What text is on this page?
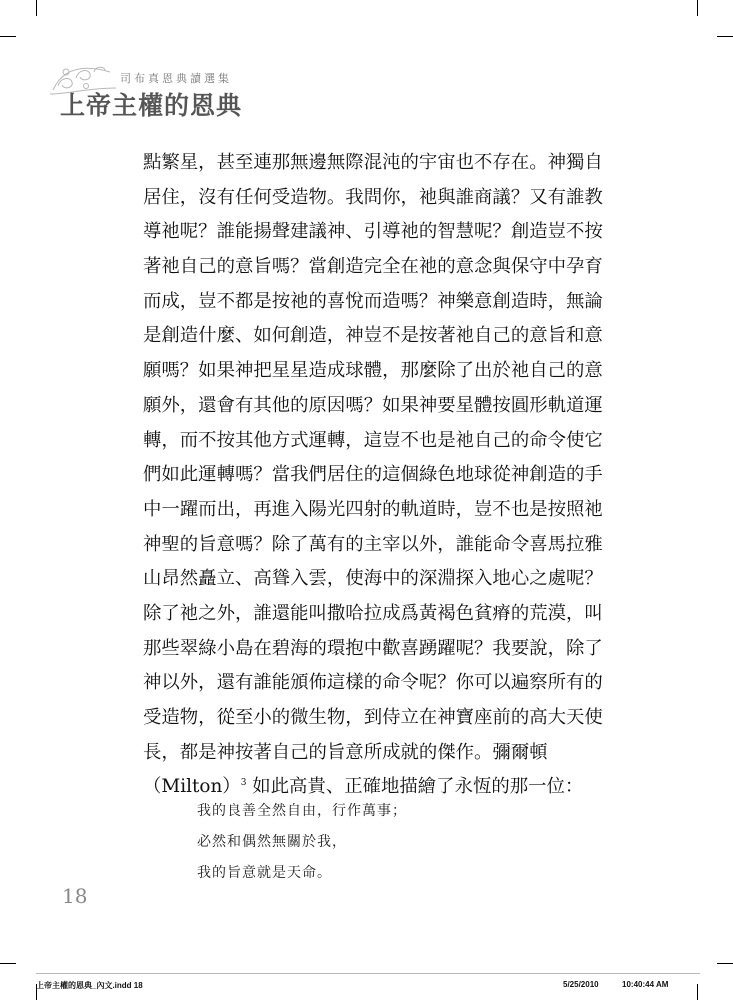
司布真恩典讀選集

上帝主權的恩典
點繁星，甚至連那無邊無際混沌的宇宙也不存在。神獨自
居住，沒有任何受造物。我問你，祂與誰商議？又有誰教
導祂呢？誰能揚聲建議神、引導祂的智慧呢？創造豈不按
著祂自己的意旨嗎？當創造完全在祂的意念與保守中孕育
而成，豈不都是按祂的喜悅而造嗎？神樂意創造時，無論
是創造什麼、如何創造，神豈不是按著祂自己的意旨和意
願嗎？如果神把星星造成球體，那麼除了出於祂自己的意
願外，還會有其他的原因嗎？如果神要星體按圓形軌道運
轉，而不按其他方式運轉，這豈不也是祂自己的命令使它
們如此運轉嗎？當我們居住的這個綠色地球從神創造的手
中一躍而出，再進入陽光四射的軌道時，豈不也是按照祂
神聖的旨意嗎？除了萬有的主宰以外，誰能命令喜馬拉雅
山昂然矗立、高聳入雲，使海中的深淵探入地心之處呢？
除了祂之外，誰還能叫撒哈拉成爲黃褐色貧瘠的荒漠，叫
那些翠綠小島在碧海的環抱中歡喜踴躍呢？我要說，除了
神以外，還有誰能頒佈這樣的命令呢？你可以遍察所有的
受造物，從至小的微生物，到侍立在神寶座前的高大天使
長，都是神按著自己的旨意所成就的傑作。彌爾頓
（Milton）$^3$ 如此高貴、正確地描繪了永恆的那一位：
我的良善全然自由，行作萬事；
必然和偶然無關於我，
我的旨意就是天命。

18

上帝主權的恩典_內文.indd 18	5/25/2010	10:40:44 AM
